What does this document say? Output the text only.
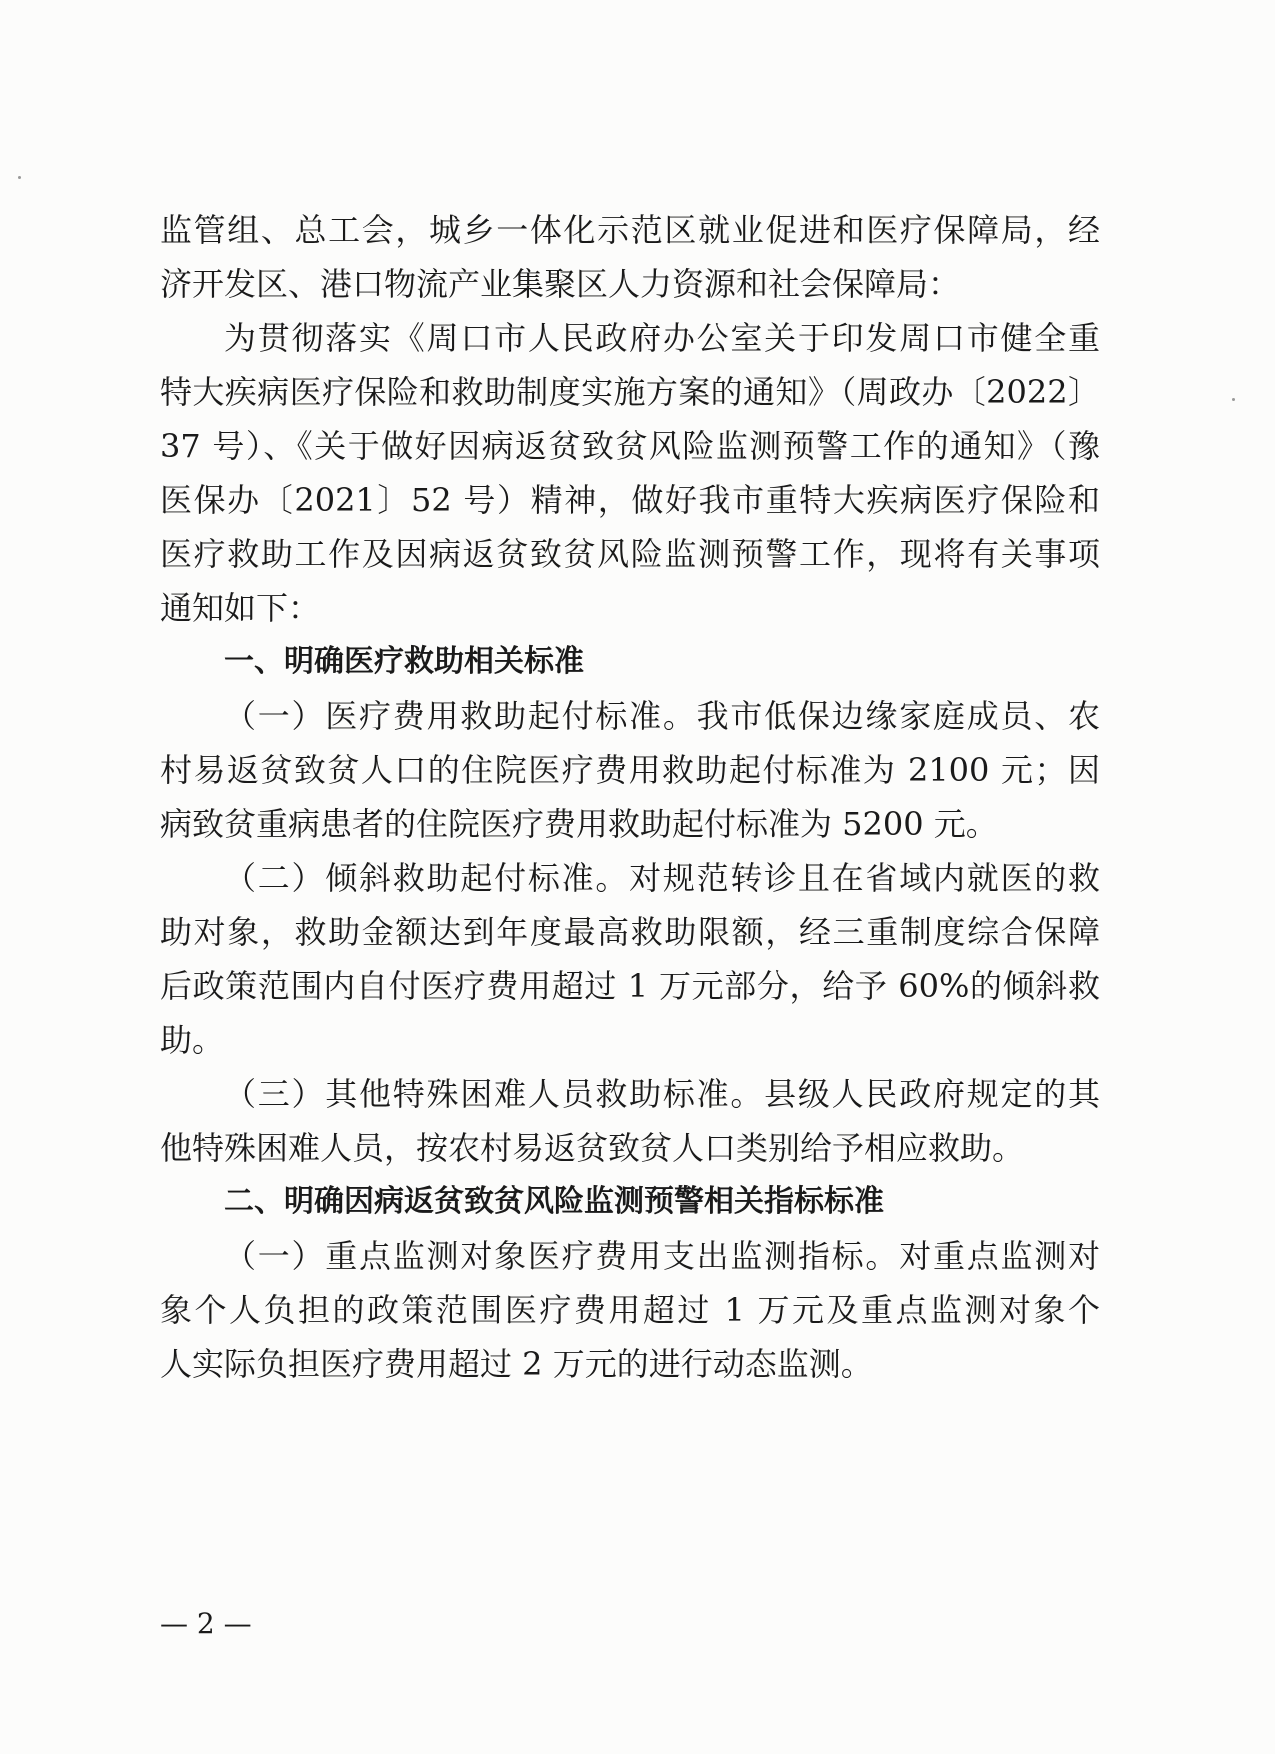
监管组、总工会，城乡一体化示范区就业促进和医疗保障局，经
济开发区、港口物流产业集聚区人力资源和社会保障局：
为贯彻落实《周口市人民政府办公室关于印发周口市健全重
特大疾病医疗保险和救助制度实施方案的通知》（周政办〔2022〕
37 号）、《关于做好因病返贫致贫风险监测预警工作的通知》（豫
医保办〔2021〕52 号）精神，做好我市重特大疾病医疗保险和
医疗救助工作及因病返贫致贫风险监测预警工作，现将有关事项
通知如下：
一、明确医疗救助相关标准
（一）医疗费用救助起付标准。我市低保边缘家庭成员、农
村易返贫致贫人口的住院医疗费用救助起付标准为 2100 元；因
病致贫重病患者的住院医疗费用救助起付标准为 5200 元。
（二）倾斜救助起付标准。对规范转诊且在省域内就医的救
助对象，救助金额达到年度最高救助限额，经三重制度综合保障
后政策范围内自付医疗费用超过 1 万元部分，给予 60%的倾斜救
助。
（三）其他特殊困难人员救助标准。县级人民政府规定的其
他特殊困难人员，按农村易返贫致贫人口类别给予相应救助。
二、明确因病返贫致贫风险监测预警相关指标标准
（一）重点监测对象医疗费用支出监测指标。对重点监测对
象个人负担的政策范围医疗费用超过 1 万元及重点监测对象个
人实际负担医疗费用超过 2 万元的进行动态监测。
— 2 —
